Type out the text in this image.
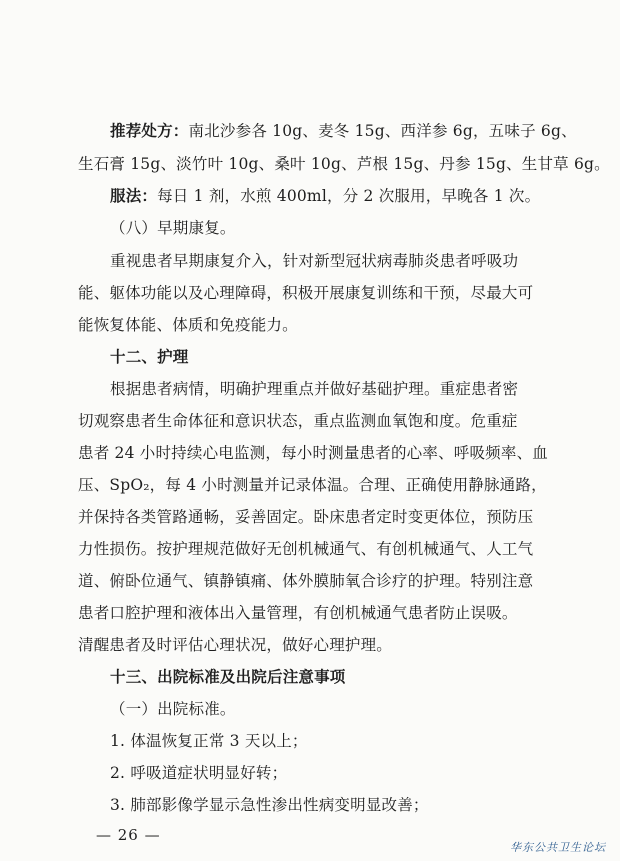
推荐处方：南北沙参各 10g、麦冬 15g、西洋参 6g，五味子 6g、
生石膏 15g、淡竹叶 10g、桑叶 10g、芦根 15g、丹参 15g、生甘草 6g。
服法：每日 1 剂，水煎 400ml，分 2 次服用，早晚各 1 次。
（八）早期康复。
重视患者早期康复介入，针对新型冠状病毒肺炎患者呼吸功
能、躯体功能以及心理障碍，积极开展康复训练和干预，尽最大可
能恢复体能、体质和免疫能力。
十二、护理
根据患者病情，明确护理重点并做好基础护理。重症患者密
切观察患者生命体征和意识状态，重点监测血氧饱和度。危重症
患者 24 小时持续心电监测，每小时测量患者的心率、呼吸频率、血
压、SpO₂，每 4 小时测量并记录体温。合理、正确使用静脉通路，
并保持各类管路通畅，妥善固定。卧床患者定时变更体位，预防压
力性损伤。按护理规范做好无创机械通气、有创机械通气、人工气
道、俯卧位通气、镇静镇痛、体外膜肺氧合诊疗的护理。特别注意
患者口腔护理和液体出入量管理，有创机械通气患者防止误吸。
清醒患者及时评估心理状况，做好心理护理。
十三、出院标准及出院后注意事项
（一）出院标准。
1. 体温恢复正常 3 天以上；
2. 呼吸道症状明显好转；
3. 肺部影像学显示急性渗出性病变明显改善；
— 26 —
华东公共卫生论坛
